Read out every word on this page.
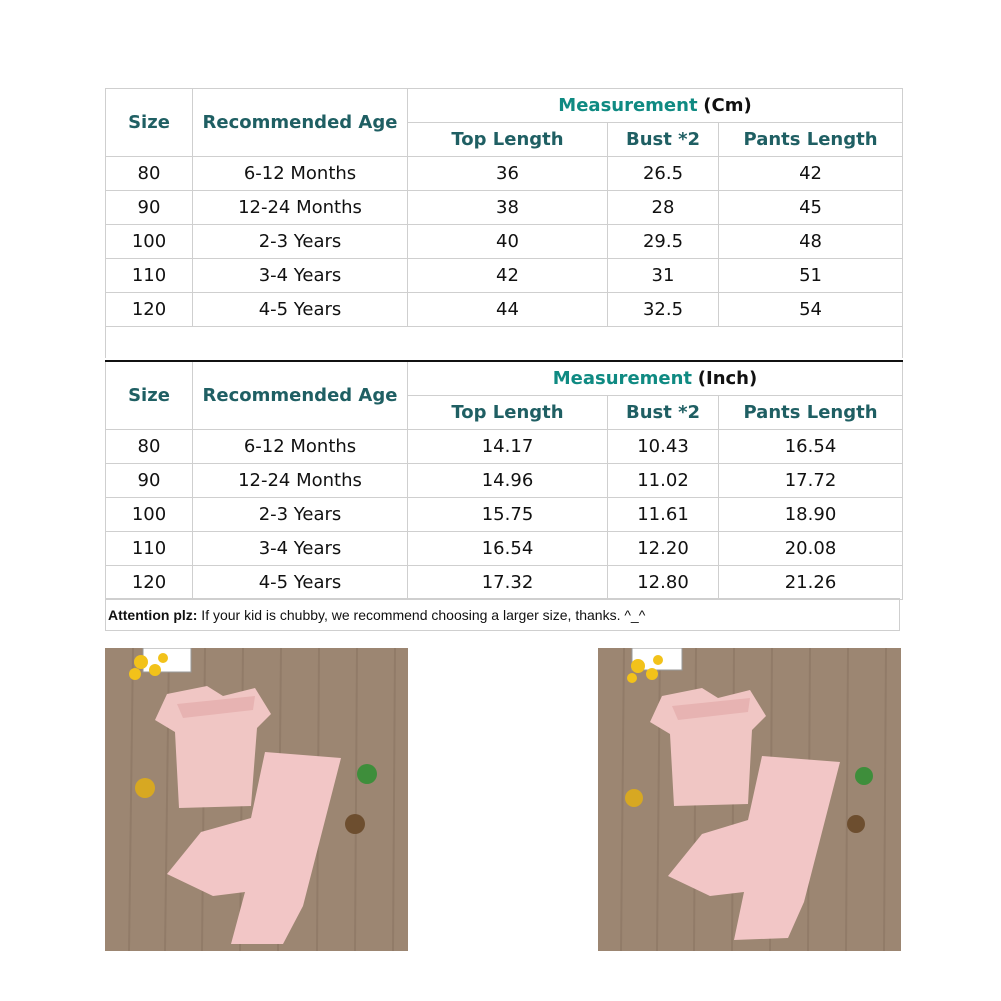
Size	Recommended Age	Measurement (Cm)		
		Top Length	Bust *2	Pants Length
80	6-12 Months	36	26.5	42
90	12-24 Months	38	28	45
100	2-3 Years	40	29.5	48
110	3-4 Years	42	31	51
120	4-5 Years	44	32.5	54
Size	Recommended Age	Measurement (Inch)		
		Top Length	Bust *2	Pants Length
80	6-12 Months	14.17	10.43	16.54
90	12-24 Months	14.96	11.02	17.72
100	2-3 Years	15.75	11.61	18.90
110	3-4 Years	16.54	12.20	20.08
120	4-5 Years	17.32	12.80	21.26
Attention plz: If your kid is chubby, we recommend choosing a larger size, thanks. ^_^
